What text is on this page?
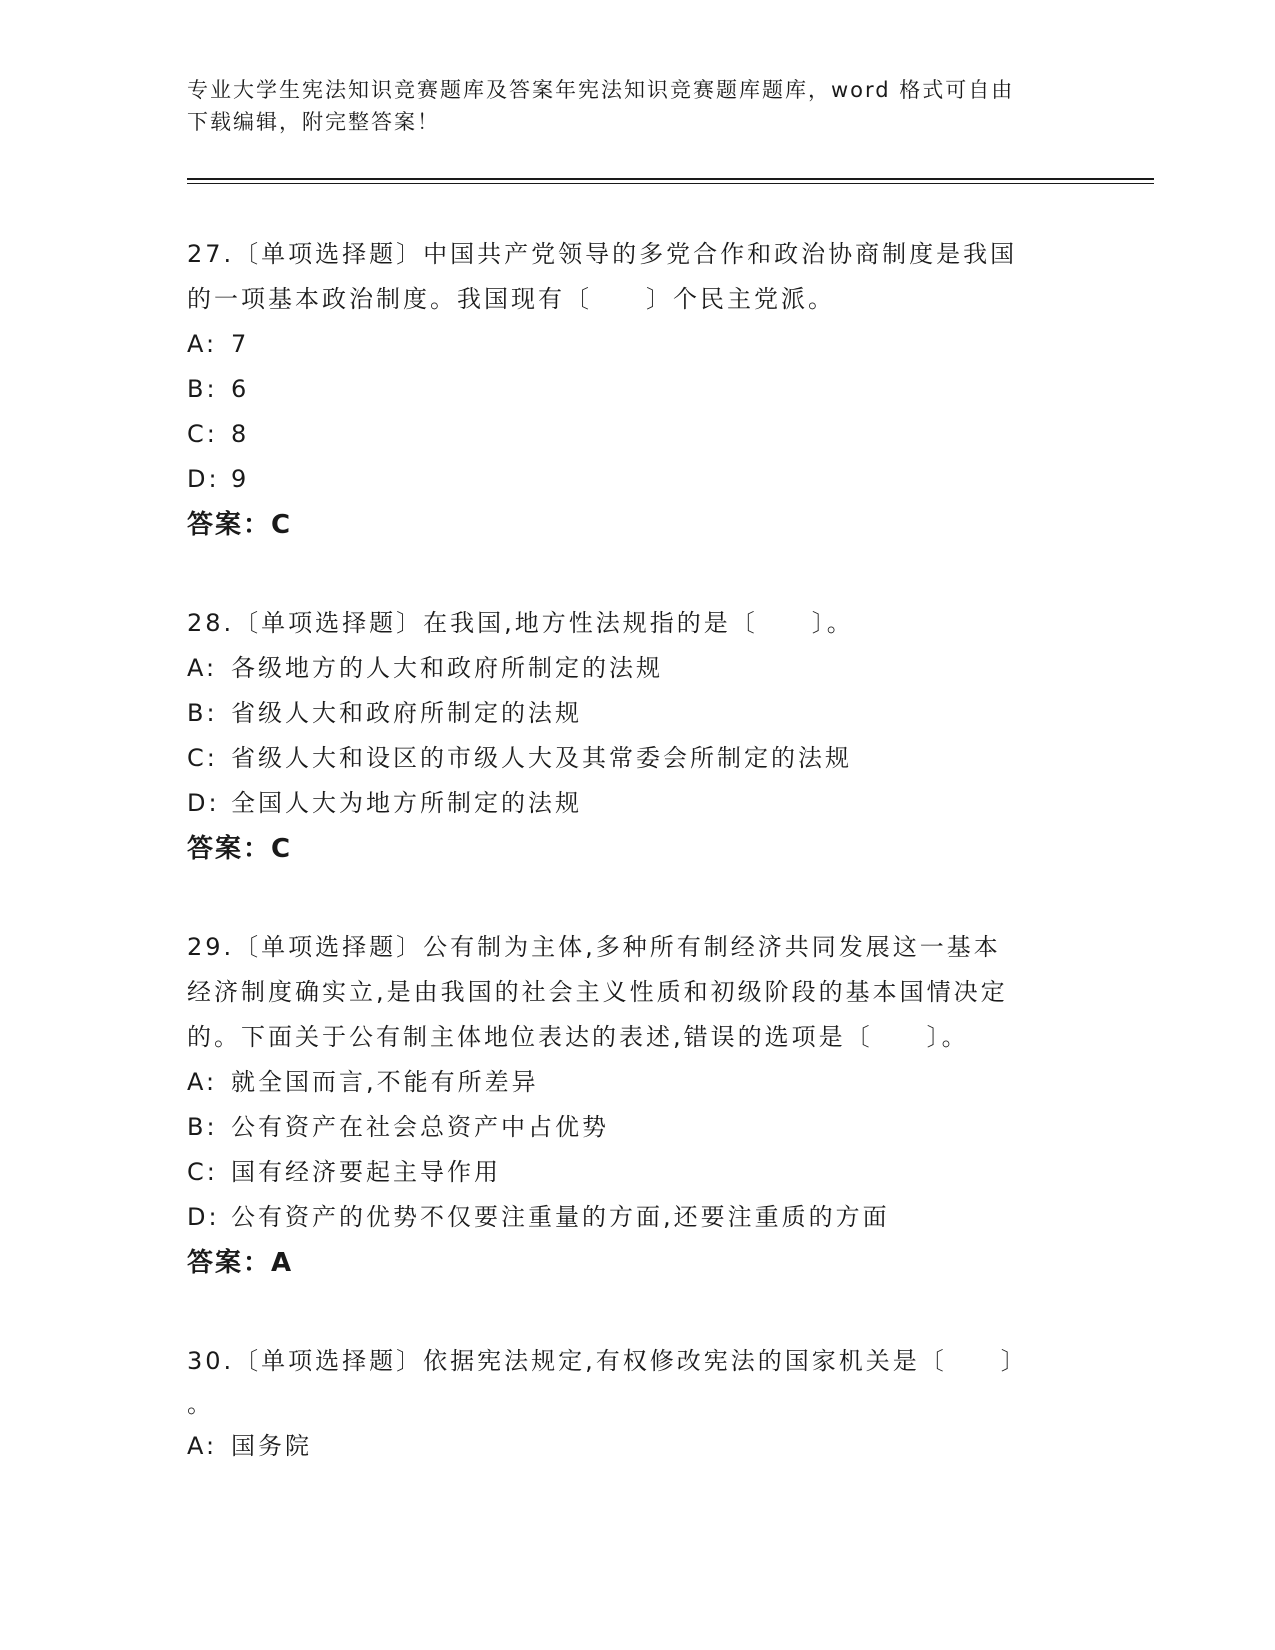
专业大学生宪法知识竞赛题库及答案年宪法知识竞赛题库题库，word 格式可自由
下载编辑，附完整答案！

27.〔单项选择题〕中国共产党领导的多党合作和政治协商制度是我国

的一项基本政治制度。我国现有〔　　〕个民主党派。

A: 7

B: 6

C: 8

D: 9

答案：C

28.〔单项选择题〕在我国,地方性法规指的是〔　　〕。

A: 各级地方的人大和政府所制定的法规

B: 省级人大和政府所制定的法规

C: 省级人大和设区的市级人大及其常委会所制定的法规

D: 全国人大为地方所制定的法规

答案：C

29.〔单项选择题〕公有制为主体,多种所有制经济共同发展这一基本

经济制度确实立,是由我国的社会主义性质和初级阶段的基本国情决定

的。下面关于公有制主体地位表达的表述,错误的选项是〔　　〕。

A: 就全国而言,不能有所差异

B: 公有资产在社会总资产中占优势

C: 国有经济要起主导作用

D: 公有资产的优势不仅要注重量的方面,还要注重质的方面

答案：A

30.〔单项选择题〕依据宪法规定,有权修改宪法的国家机关是〔　　〕

。

A: 国务院
